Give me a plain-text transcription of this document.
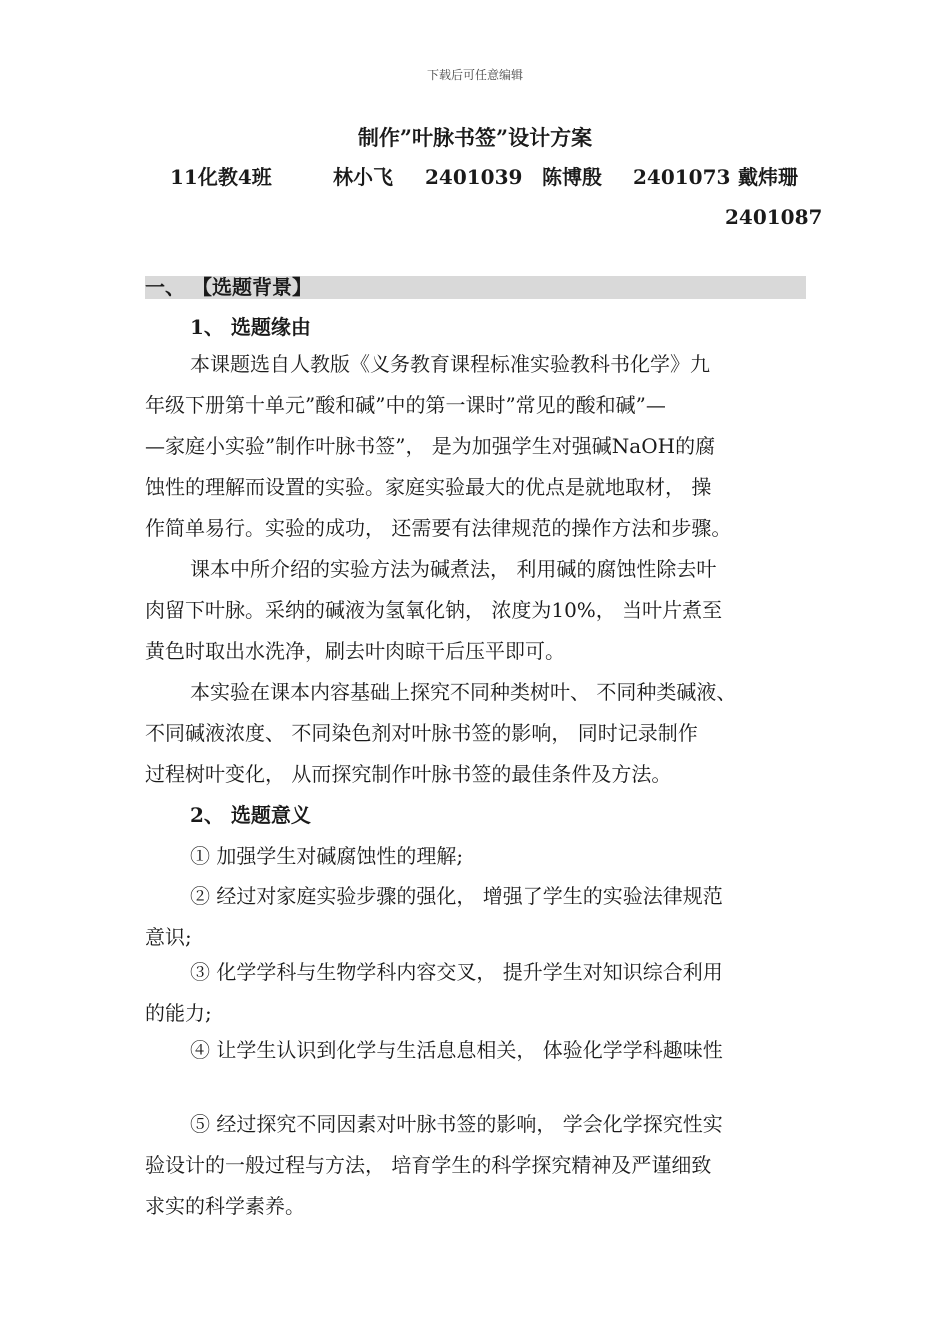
下载后可任意编辑
制作”叶脉书签”设计方案
11化教4班	林小飞 2401039 陈博殷 2401073 戴炜珊
2401087
一、 【选题背景】
1、 选题缘由
本课题选自人教版《义务教育课程标准实验教科书化学》九
年级下册第十单元”酸和碱”中的第一课时”常见的酸和碱”—
—家庭小实验”制作叶脉书签”， 是为加强学生对强碱NaOH的腐
蚀性的理解而设置的实验。家庭实验最大的优点是就地取材， 操
作简单易行。实验的成功， 还需要有法律规范的操作方法和步骤。
课本中所介绍的实验方法为碱煮法， 利用碱的腐蚀性除去叶
肉留下叶脉。采纳的碱液为氢氧化钠， 浓度为10%， 当叶片煮至
黄色时取出水洗净，刷去叶肉晾干后压平即可。
本实验在课本内容基础上探究不同种类树叶、 不同种类碱液、
不同碱液浓度、 不同染色剂对叶脉书签的影响， 同时记录制作
过程树叶变化， 从而探究制作叶脉书签的最佳条件及方法。
2、 选题意义
① 加强学生对碱腐蚀性的理解;
② 经过对家庭实验步骤的强化， 增强了学生的实验法律规范
意识;
③ 化学学科与生物学科内容交叉， 提升学生对知识综合利用
的能力;
④ 让学生认识到化学与生活息息相关， 体验化学学科趣味性
⑤ 经过探究不同因素对叶脉书签的影响， 学会化学探究性实
验设计的一般过程与方法， 培育学生的科学探究精神及严谨细致
求实的科学素养。
